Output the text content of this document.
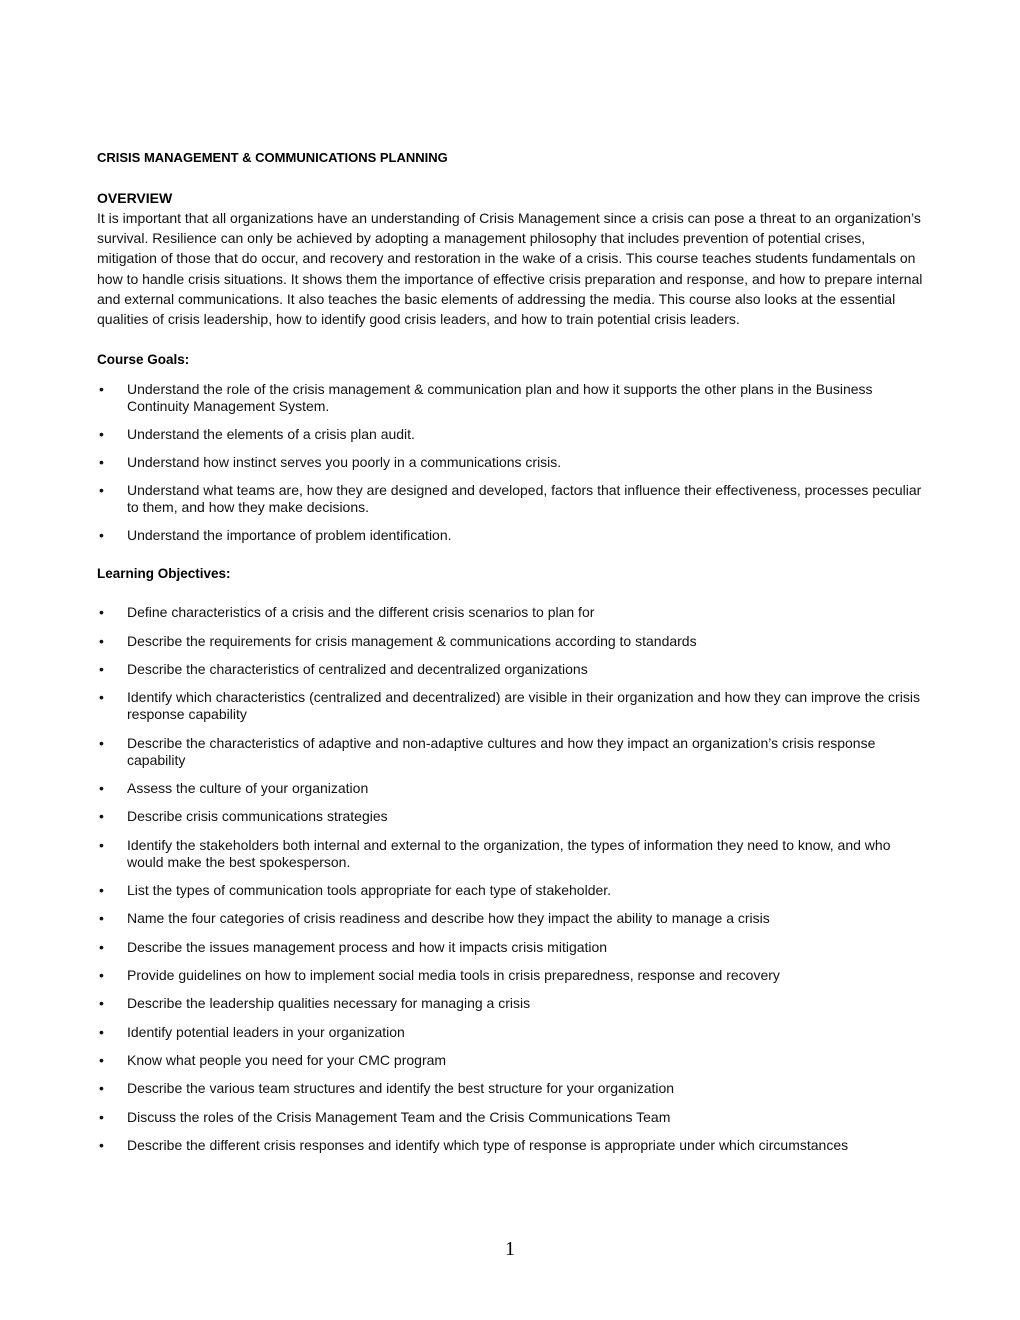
CRISIS MANAGEMENT & COMMUNICATIONS PLANNING
OVERVIEW

It is important that all organizations have an understanding of Crisis Management since a crisis can pose a threat to an organization’s survival. Resilience can only be achieved by adopting a management philosophy that includes prevention of potential crises, mitigation of those that do occur, and recovery and restoration in the wake of a crisis. This course teaches students fundamentals on how to handle crisis situations. It shows them the importance of effective crisis preparation and response, and how to prepare internal and external communications. It also teaches the basic elements of addressing the media. This course also looks at the essential qualities of crisis leadership, how to identify good crisis leaders, and how to train potential crisis leaders.

Course Goals:
•	Understand the role of the crisis management & communication plan and how it supports the other plans in the Business Continuity Management System.
•	Understand the elements of a crisis plan audit.
•	Understand how instinct serves you poorly in a communications crisis.
•	Understand what teams are, how they are designed and developed, factors that influence their effectiveness, processes peculiar to them, and how they make decisions.
•	Understand the importance of problem identification.
Learning Objectives:
•	Define characteristics of a crisis and the different crisis scenarios to plan for
•	Describe the requirements for crisis management & communications according to standards
•	Describe the characteristics of centralized and decentralized organizations
•	Identify which characteristics (centralized and decentralized) are visible in their organization and how they can improve the crisis response capability
•	Describe the characteristics of adaptive and non-adaptive cultures and how they impact an organization’s crisis response capability
•	Assess the culture of your organization
•	Describe crisis communications strategies
•	Identify the stakeholders both internal and external to the organization, the types of information they need to know, and who would make the best spokesperson.
•	List the types of communication tools appropriate for each type of stakeholder.
•	Name the four categories of crisis readiness and describe how they impact the ability to manage a crisis
•	Describe the issues management process and how it impacts crisis mitigation
•	Provide guidelines on how to implement social media tools in crisis preparedness, response and recovery
•	Describe the leadership qualities necessary for managing a crisis
•	Identify potential leaders in your organization
•	Know what people you need for your CMC program
•	Describe the various team structures and identify the best structure for your organization
•	Discuss the roles of the Crisis Management Team and the Crisis Communications Team
•	Describe the different crisis responses and identify which type of response is appropriate under which circumstances
1
